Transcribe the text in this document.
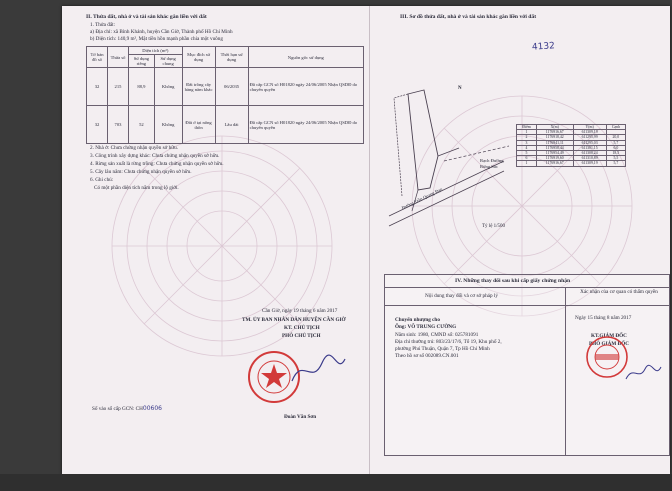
II. Thửa đất, nhà ở và tài sản khác gắn liền với đất
1. Thửa đất:
a) Địa chỉ: xã Bình Khánh, huyện Cần Giờ, Thành phố Hồ Chí Minh
b) Diện tích: 140,9 m², Mặt tiền hồn mạnh phần chia một vuông
Tờ bản đồ số	Thửa số	Diện tích (m²)		Mục đích sử dụng	Thời hạn sử dụng	Nguồn gốc sử dụng
		Sử dụng riêng	Sử dụng chung			
32	215	88,9	Không	Đất trồng cây hàng năm khác	06/2035	Đã cấp GCN số H01820 ngày 24/06/2005 Nhận QSDĐ do chuyển quyền
32	703	52	Không	Đất ở tại nông thôn	Lâu dài	Đã cấp GCN số H01820 ngày 24/06/2005 Nhận QSDĐ do chuyển quyền
2. Nhà ở: Chưa chứng nhận quyền sở hữu.
3. Công trình xây dựng khác: Chưa chứng nhận quyền sở hữu.
4. Rừng sản xuất là rừng trồng: Chưa chứng nhận quyền sở hữu.
5. Cây lâu năm: Chưa chứng nhận quyền sở hữu.
6. Ghi chú:
Có một phần diện tích nằm trong lộ giới.
Cần Giờ, ngày 19 tháng 6 năm 2017
TM. ỦY BAN NHÂN DÂN HUYỆN CẦN GIỜ
KT. CHỦ TỊCH
PHÓ CHỦ TỊCH
Đoàn Văn Sơn
Số vào sổ cấp GCN: CH00606
III. Sơ đồ thửa đất, nhà ở và tài sản khác gắn liền với đất
4132
Đường Trần Quang Đạo
Rạch Đường
Rừng Sác
N
Tỷ lệ 1/500
Điểm	X(m)	Y(m)	Cạnh
1	1176916,67	611309,19	
2	1176918,42	611295,99	20,0
3	1176941,11	611295,03	5,7
4	1176958,44	611301,15	6,0
5	1176954,49	611308,24	18,5
6	1176919,60	611310,89	5,5
1	1176916,67	611309,19	5,7
IV. Những thay đổi sau khi cấp giấy chứng nhận
Nội dung thay đổi và cơ sở pháp lý
Xác nhận của cơ quan có thẩm quyền
Chuyển nhượng cho
Ông: VÕ TRUNG CƯỜNG
Năm sinh: 1980, CMND số: 025781091
Địa chỉ thường trú: 803/23/17/6, Tổ 19, Khu phố 2,
phường Phú Thuận, Quận 7, Tp Hồ Chí Minh
Theo hồ sơ số 002089.CN.001
Ngày 15 tháng 8 năm 2017
KT.GIÁM ĐỐC
PHÓ GIÁM ĐỐC
